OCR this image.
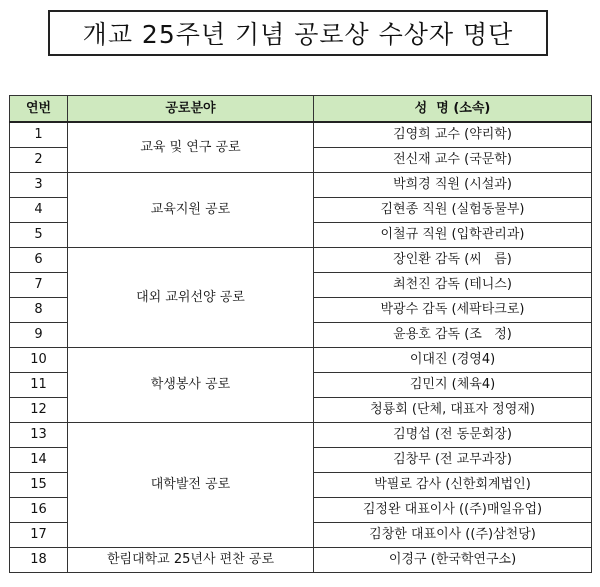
개교 25주년 기념 공로상 수상자 명단
연번	공로분야	성  명 (소속)
1	교육 및 연구 공로	김영희 교수 (약리학)
2		전신재 교수 (국문학)
3	교육지원 공로	박희경 직원 (시설과)
4		김현종 직원 (실험동물부)
5		이철규 직원 (입학관리과)
6	대외 교위선양 공로	장인환 감독 (씨   름)
7		최천진 감독 (테니스)
8		박광수 감독 (세팍타크로)
9		윤용호 감독 (조   정)
10	학생봉사 공로	이대진 (경영4)
11		김민지 (체육4)
12		청룡회 (단체, 대표자 정영재)
13	대학발전 공로	김명섭 (전 동문회장)
14		김창무 (전 교무과장)
15		박필로 감사 (신한회계법인)
16		김정완 대표이사 ((주)매일유업)
17		김창한 대표이사 ((주)삼천당)
18	한림대학교 25년사 편찬 공로	이경구 (한국학연구소)
